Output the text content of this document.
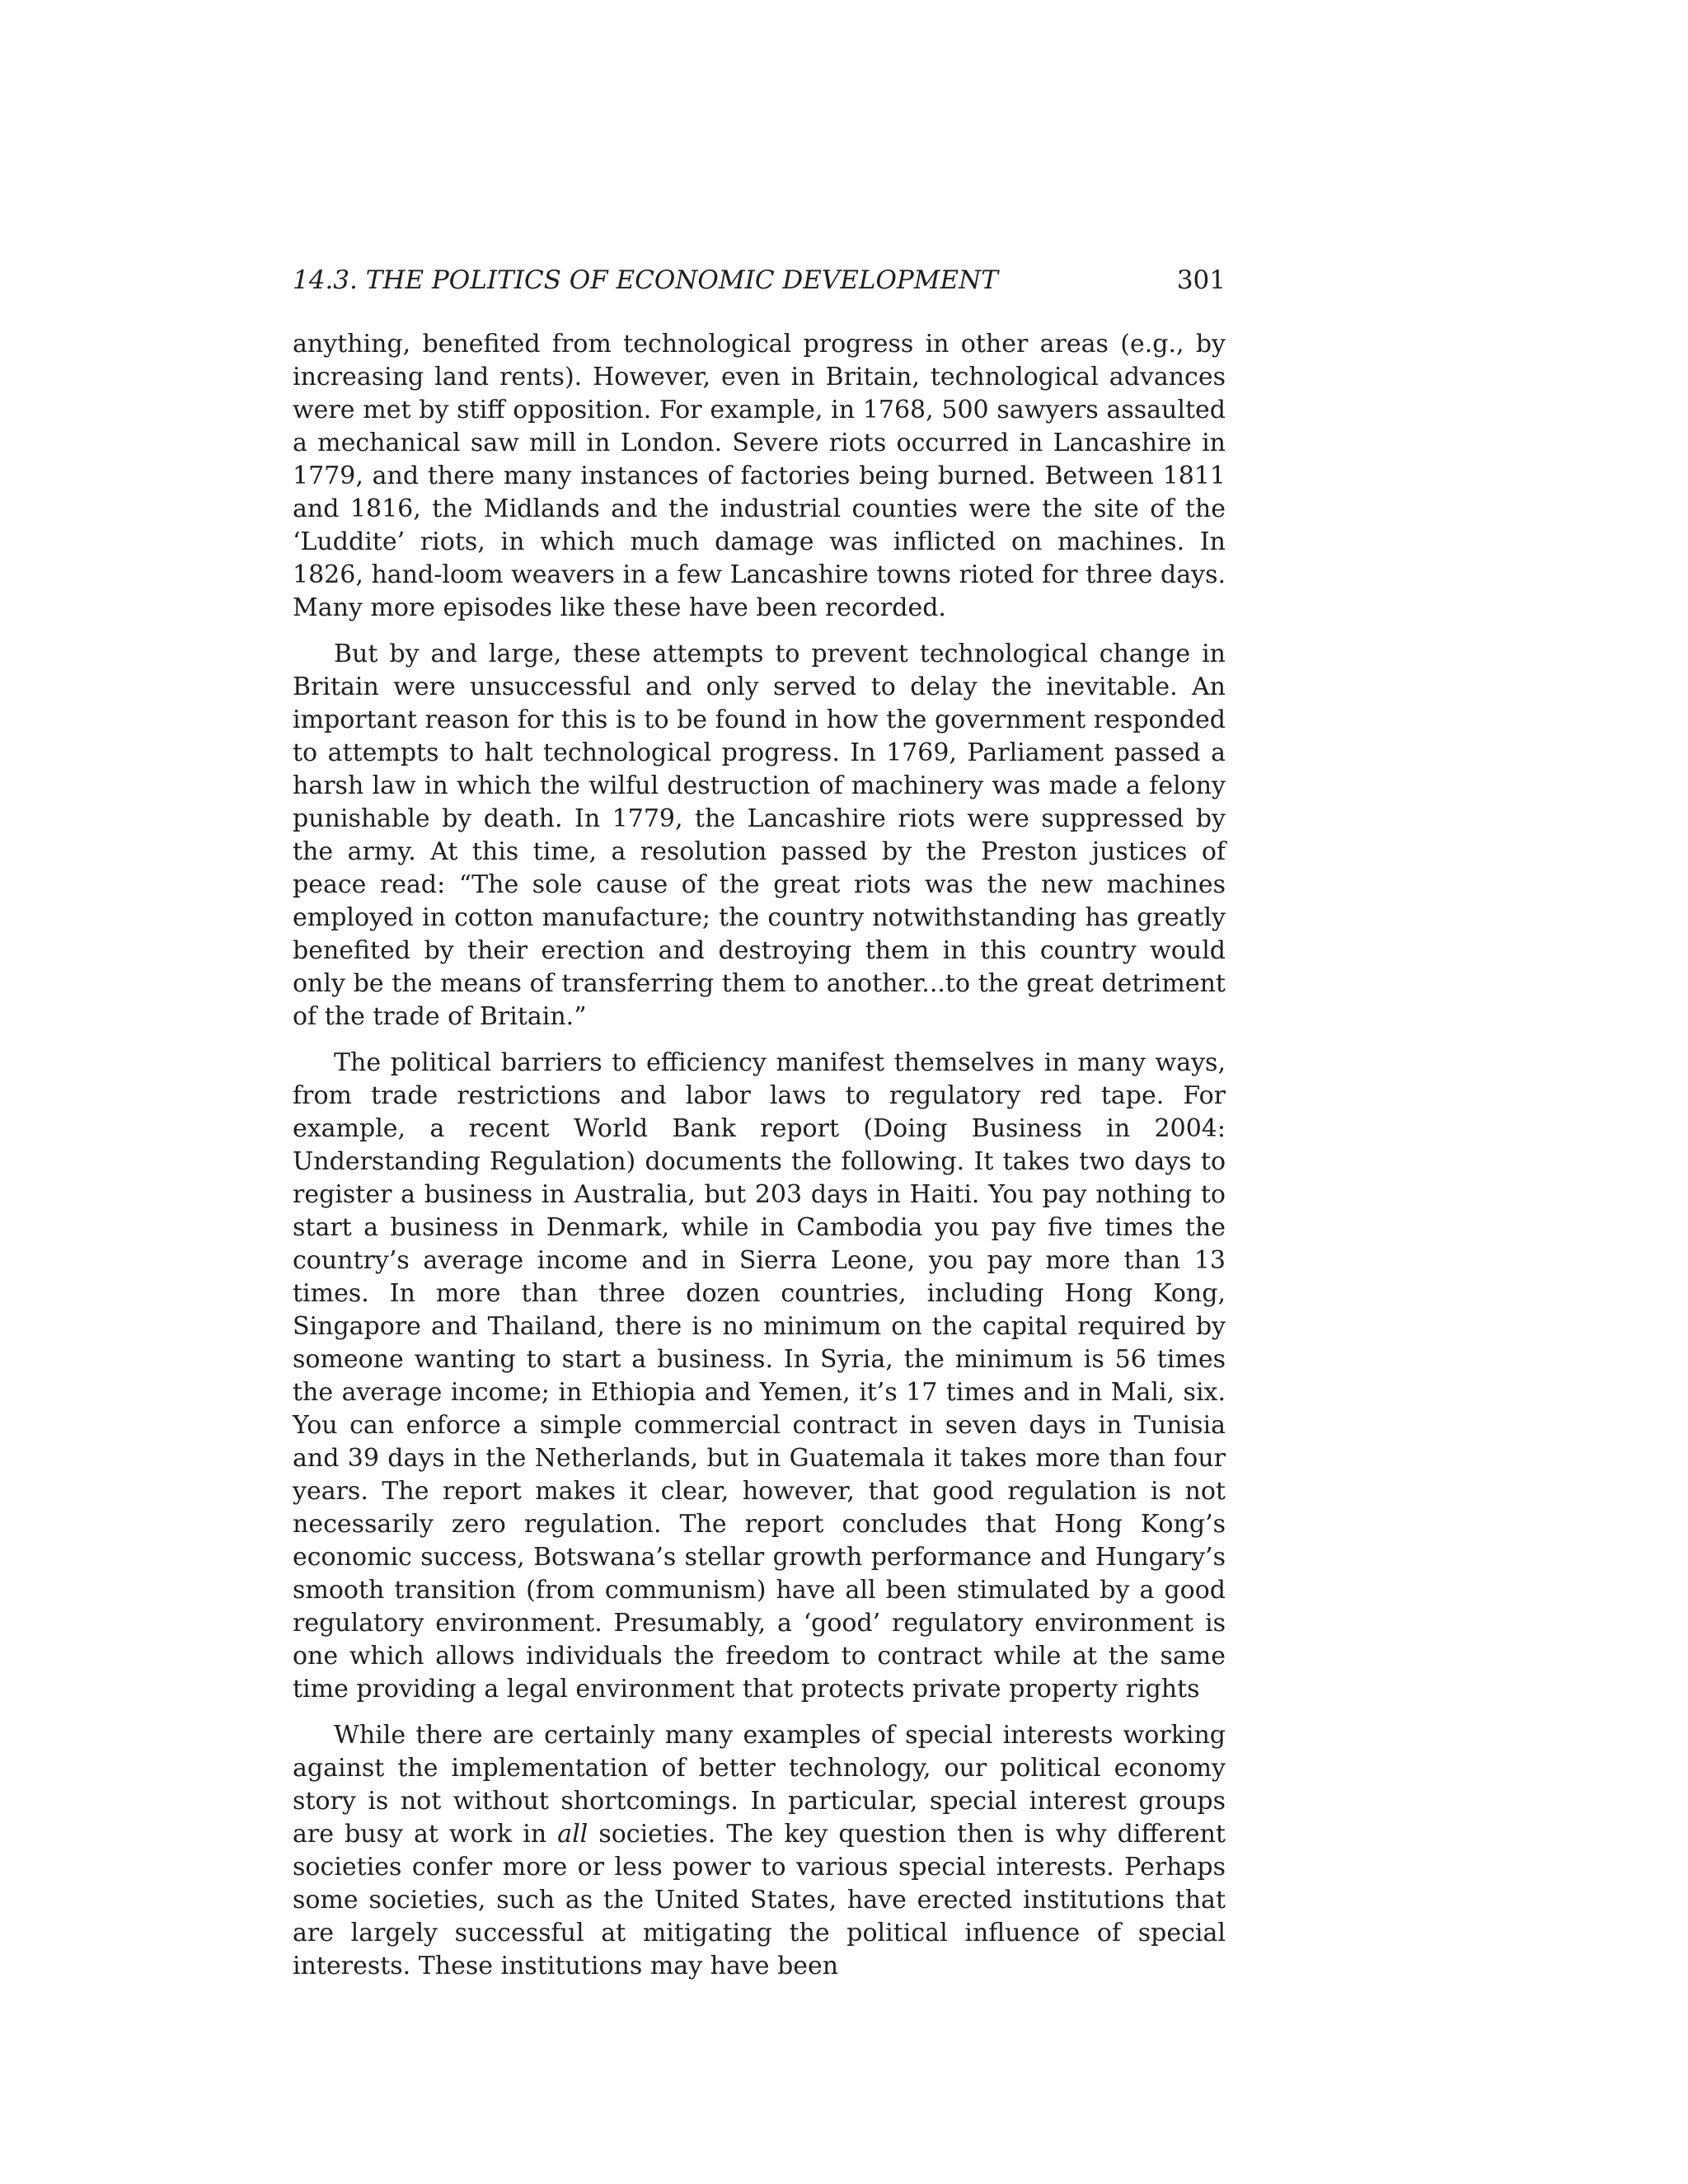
14.3. THE POLITICS OF ECONOMIC DEVELOPMENT	301

anything, benefited from technological progress in other areas (e.g., by increasing land rents). However, even in Britain, technological advances were met by stiff opposition. For example, in 1768, 500 sawyers assaulted a mechanical saw mill in London. Severe riots occurred in Lancashire in 1779, and there many instances of factories being burned. Between 1811 and 1816, the Midlands and the industrial counties were the site of the ‘Luddite’ riots, in which much damage was inflicted on machines. In 1826, hand-loom weavers in a few Lancashire towns rioted for three days. Many more episodes like these have been recorded.

But by and large, these attempts to prevent technological change in Britain were unsuccessful and only served to delay the inevitable. An important reason for this is to be found in how the government responded to attempts to halt technological progress. In 1769, Parliament passed a harsh law in which the wilful destruction of machinery was made a felony punishable by death. In 1779, the Lancashire riots were suppressed by the army. At this time, a resolution passed by the Preston justices of peace read: “The sole cause of the great riots was the new machines employed in cotton manufacture; the country notwithstanding has greatly benefited by their erection and destroying them in this country would only be the means of transferring them to another...to the great detriment of the trade of Britain.”

The political barriers to efficiency manifest themselves in many ways, from trade restrictions and labor laws to regulatory red tape. For example, a recent World Bank report (Doing Business in 2004: Understanding Regulation) documents the following. It takes two days to register a business in Australia, but 203 days in Haiti. You pay nothing to start a business in Denmark, while in Cambodia you pay five times the country’s average income and in Sierra Leone, you pay more than 13 times. In more than three dozen countries, including Hong Kong, Singapore and Thailand, there is no minimum on the capital required by someone wanting to start a business. In Syria, the minimum is 56 times the average income; in Ethiopia and Yemen, it’s 17 times and in Mali, six. You can enforce a simple commercial contract in seven days in Tunisia and 39 days in the Netherlands, but in Guatemala it takes more than four years. The report makes it clear, however, that good regulation is not necessarily zero regulation. The report concludes that Hong Kong’s economic success, Botswana’s stellar growth performance and Hungary’s smooth transition (from communism) have all been stimulated by a good regulatory environment. Presumably, a ‘good’ regulatory environment is one which allows individuals the freedom to contract while at the same time providing a legal environment that protects private property rights

While there are certainly many examples of special interests working against the implementation of better technology, our political economy story is not without shortcomings. In particular, special interest groups are busy at work in all societies. The key question then is why different societies confer more or less power to various special interests. Perhaps some societies, such as the United States, have erected institutions that are largely successful at mitigating the political influence of special interests. These institutions may have been
